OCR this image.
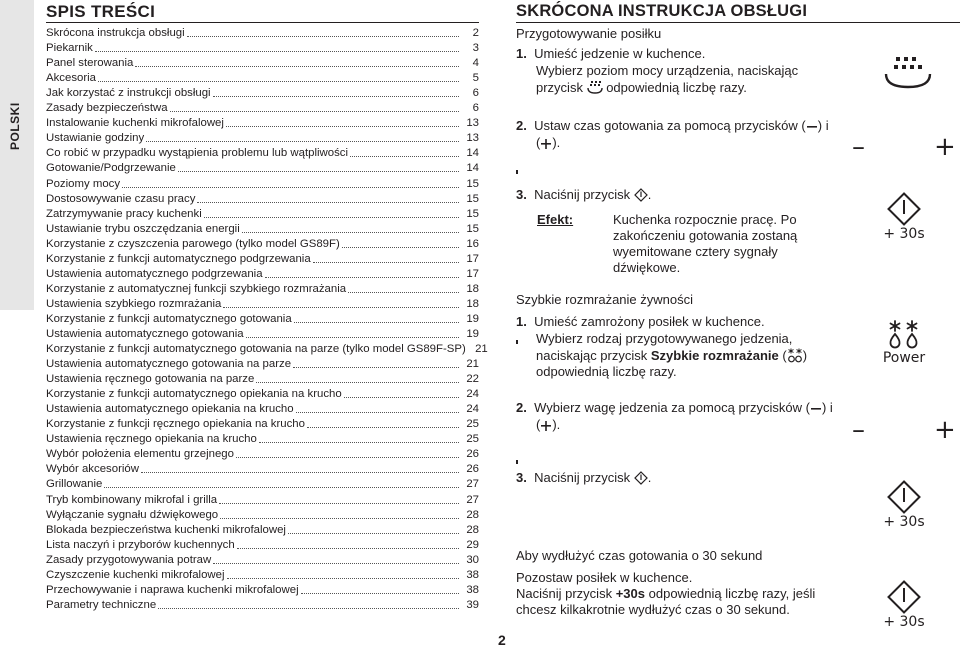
POLSKI
SPIS TREŚCI
Skrócona instrukcja obsługi	2
Piekarnik	3
Panel sterowania	4
Akcesoria	5
Jak korzystać z instrukcji obsługi	6
Zasady bezpieczeństwa	6
Instalowanie kuchenki mikrofalowej	13
Ustawianie godziny	13
Co robić w przypadku wystąpienia problemu lub wątpliwości	14
Gotowanie/Podgrzewanie	14
Poziomy mocy	15
Dostosowywanie czasu pracy	15
Zatrzymywanie pracy kuchenki	15
Ustawianie trybu oszczędzania energii	15
Korzystanie z czyszczenia parowego (tylko model GS89F)	16
Korzystanie z funkcji automatycznego podgrzewania	17
Ustawienia automatycznego podgrzewania	17
Korzystanie z automatycznej funkcji szybkiego rozmrażania	18
Ustawienia szybkiego rozmrażania	18
Korzystanie z funkcji automatycznego gotowania	19
Ustawienia automatycznego gotowania	19
Korzystanie z funkcji automatycznego gotowania na parze (tylko model GS89F-SP) 21
Ustawienia automatycznego gotowania na parze	21
Ustawienia ręcznego gotowania na parze	22
Korzystanie z funkcji automatycznego opiekania na krucho	24
Ustawienia automatycznego opiekania na krucho	24
Korzystanie z funkcji ręcznego opiekania na krucho	25
Ustawienia ręcznego opiekania na krucho	25
Wybór położenia elementu grzejnego	26
Wybór akcesoriów	26
Grillowanie	27
Tryb kombinowany mikrofal i grilla	27
Wyłączanie sygnału dźwiękowego	28
Blokada bezpieczeństwa kuchenki mikrofalowej	28
Lista naczyń i przyborów kuchennych	29
Zasady przygotowywania potraw	30
Czyszczenie kuchenki mikrofalowej	38
Przechowywanie i naprawa kuchenki mikrofalowej	38
Parametry techniczne	39
2
SKRÓCONA INSTRUKCJA OBSŁUGI
Przygotowywanie posiłku
1. Umieść jedzenie w kuchence.
Wybierz poziom mocy urządzenia, naciskając
przycisk odpowiednią liczbę razy.
2. Ustaw czas gotowania za pomocą przycisków ( ) i
( ).	–	+
3. Naciśnij przycisk .
Efekt:	Kuchenka rozpocznie pracę. Po
zakończeniu gotowania zostaną
wyemitowane cztery sygnały
dźwiękowe.
+ 30s
Szybkie rozmrażanie żywności
1. Umieść zamrożony posiłek w kuchence.
Wybierz rodzaj przygotowywanego jedzenia,
naciskając przycisk Szybkie rozmrażanie ( )
odpowiednią liczbę razy.
Power
2. Wybierz wagę jedzenia za pomocą przycisków ( ) i
( ).	–	+
3. Naciśnij przycisk .
+ 30s
Aby wydłużyć czas gotowania o 30 sekund
Pozostaw posiłek w kuchence.
Naciśnij przycisk +30s odpowiednią liczbę razy, jeśli
chcesz kilkakrotnie wydłużyć czas o 30 sekund.
+ 30s
